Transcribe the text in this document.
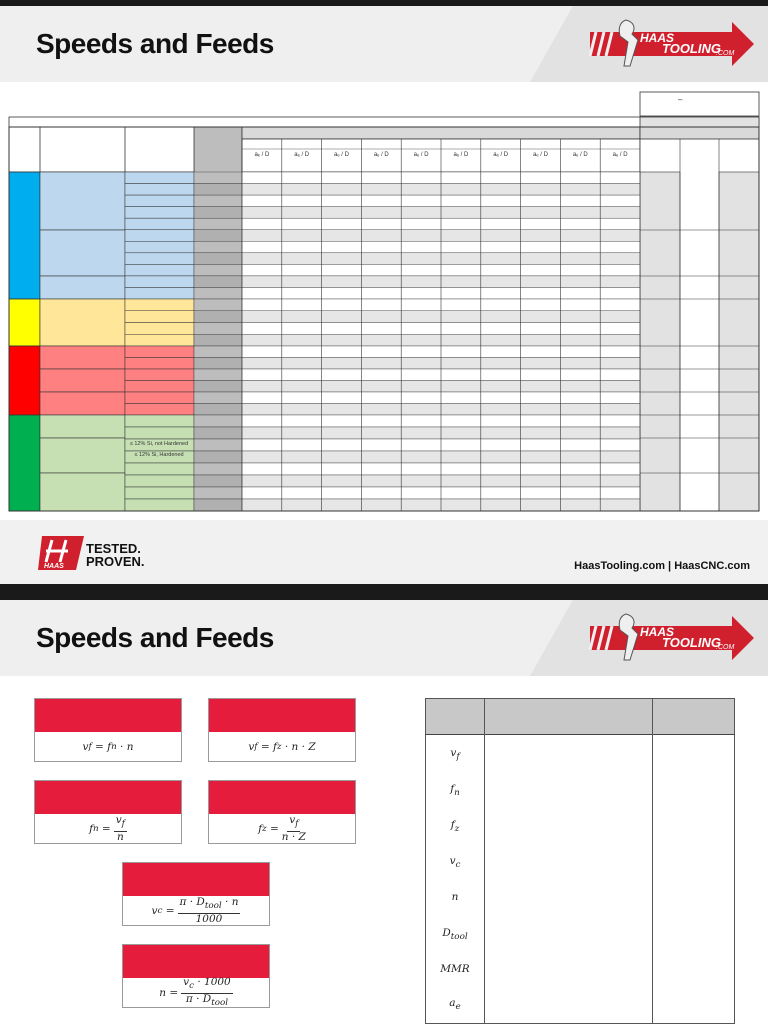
Speeds and Feeds	HAAS
TOOLING
.COM
–
aₑ / D	aₑ / D	aₑ / D	aₑ / D	aₑ / D	aₑ / D	aₑ / D	aₑ / D	aₑ / D	aₑ / D
≤ 12% Si, not Hardened
≤ 12% Si, Hardened
HAAS
TESTED.
PROVEN.	HaasTooling.com | HaasCNC.com
Speeds and Feeds	HAAS
TOOLING
.COM
v f = f n · n	v f = f z · n · Z
f $n = \frac{v_f}{n}$	f $z = \frac{v_f}{n \cdot Z}$
v $c = \frac{\pi \cdot D_{tool} \cdot n}{1000}$
$n = \frac{v_c \cdot 1000}{\pi \cdot D_{tool}}$
$v_f$
$f_n$
$f_z$
$v_c$
n
$D_{tool}$
MMR
$a_e$
